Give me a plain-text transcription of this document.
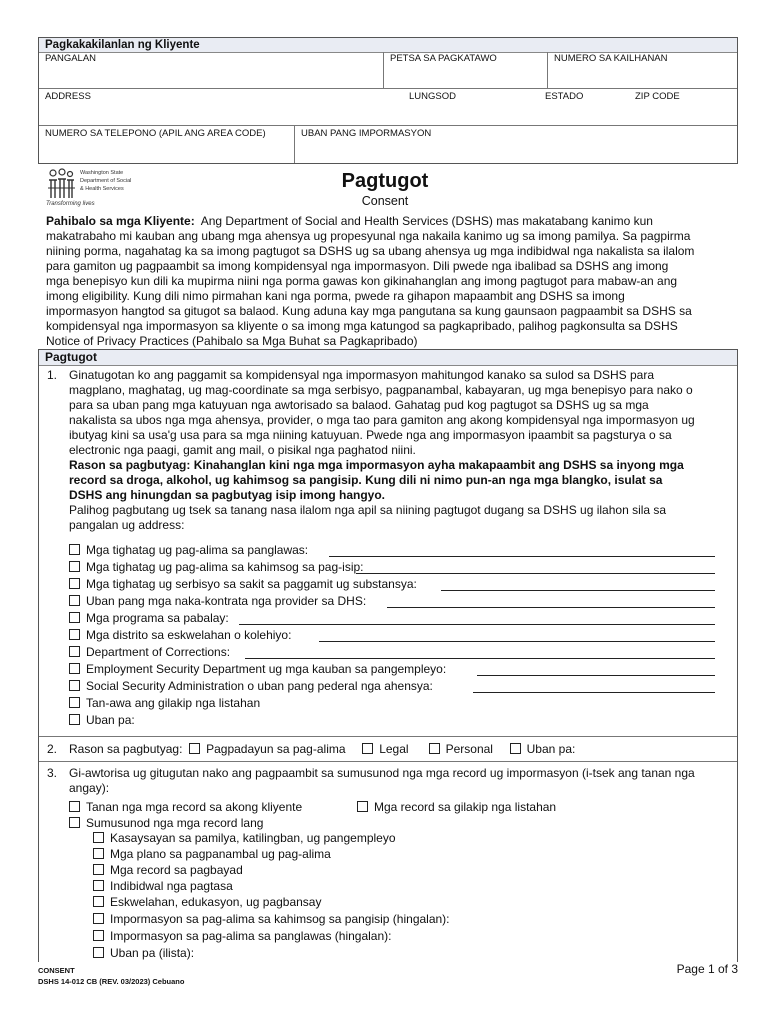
Pagkakakilanlan ng Kliyente
PANGALAN	PETSA SA PAGKATAWO	NUMERO SA KAILHANAN
ADDRESS	LUNGSOD	ESTADO	ZIP CODE
NUMERO SA TELEPONO (APIL ANG AREA CODE)	UBAN PANG IMPORMASYON
Washington State
Department of Social
& Health Services
Transforming lives
Pagtugot
Consent
Pahibalo sa mga Kliyente: Ang Department of Social and Health Services (DSHS) mas makatabang kanimo kun
makatrabaho mi kauban ang ubang mga ahensya ug propesyunal nga nakaila kanimo ug sa imong pamilya. Sa pagpirma
niining porma, nagahatag ka sa imong pagtugot sa DSHS ug sa ubang ahensya ug mga indibidwal nga nakalista sa ilalom
para gamiton ug pagpaambit sa imong kompidensyal nga impormasyon. Dili pwede nga ibalibad sa DSHS ang imong
mga benepisyo kun dili ka mupirma niini nga porma gawas kon gikinahanglan ang imong pagtugot para mabaw-an ang
imong eligibility. Kung dili nimo pirmahan kani nga porma, pwede ra gihapon mapaambit ang DSHS sa imong
impormasyon hangtod sa gitugot sa balaod. Kung aduna kay mga pangutana sa kung gaunsaon pagpaambit sa DSHS sa
kompidensyal nga impormasyon sa kliyente o sa imong mga katungod sa pagkapribado, palihog pagkonsulta sa DSHS
Notice of Privacy Practices (Pahibalo sa Mga Buhat sa Pagkapribado)
Pagtugot
1. Ginatugotan ko ang paggamit sa kompidensyal nga impormasyon mahitungod kanako sa sulod sa DSHS para
magplano, maghatag, ug mag-coordinate sa mga serbisyo, pagpanambal, kabayaran, ug mga benepisyo para nako o
para sa uban pang mga katuyuan nga awtorisado sa balaod. Gahatag pud kog pagtugot sa DSHS ug sa mga
nakalista sa ubos nga mga ahensya, provider, o mga tao para gamiton ang akong kompidensyal nga impormasyon ug
ibutyag kini sa usa'g usa para sa mga niining katuyuan. Pwede nga ang impormasyon ipaambit sa pagsturya o sa
electronic nga paagi, gamit ang mail, o pisikal nga paghatod niini.
Rason sa pagbutyag: Kinahanglan kini nga mga impormasyon ayha makapaambit ang DSHS sa inyong mga
record sa droga, alkohol, ug kahimsog sa pangisip. Kung dili ni nimo pun-an nga mga blangko, isulat sa
DSHS ang hinungdan sa pagbutyag isip imong hangyo.
Palihog pagbutang ug tsek sa tanang nasa ilalom nga apil sa niining pagtugot dugang sa DSHS ug ilahon sila sa
pangalan ug address:
Mga tighatag ug pag-alima sa panglawas:
Mga tighatag ug pag-alima sa kahimsog sa pag-isip:
Mga tighatag ug serbisyo sa sakit sa paggamit ug substansya:
Uban pang mga naka-kontrata nga provider sa DHS:
Mga programa sa pabalay:
Mga distrito sa eskwelahan o kolehiyo:
Department of Corrections:
Employment Security Department ug mga kauban sa pangempleyo:
Social Security Administration o uban pang pederal nga ahensya:
Tan-awa ang gilakip nga listahan
Uban pa:
2. Rason sa pagbutyag: Pagpadayun sa pag-alima	Legal	Personal	Uban pa:
3. Gi-awtorisa ug gitugutan nako ang pagpaambit sa sumusunod nga mga record ug impormasyon (i-tsek ang tanan nga
angay):
Tanan nga mga record sa akong kliyente	Mga record sa gilakip nga listahan
Sumusunod nga mga record lang
Kasaysayan sa pamilya, katilingban, ug pangempleyo
Mga plano sa pagpanambal ug pag-alima
Mga record sa pagbayad
Indibidwal nga pagtasa
Eskwelahan, edukasyon, ug pagbansay
Impormasyon sa pag-alima sa kahimsog sa pangisip (hingalan):
Impormasyon sa pag-alima sa panglawas (hingalan):
Uban pa (ilista):
CONSENT
DSHS 14-012 CB (REV. 03/2023) Cebuano
Page 1 of 3
